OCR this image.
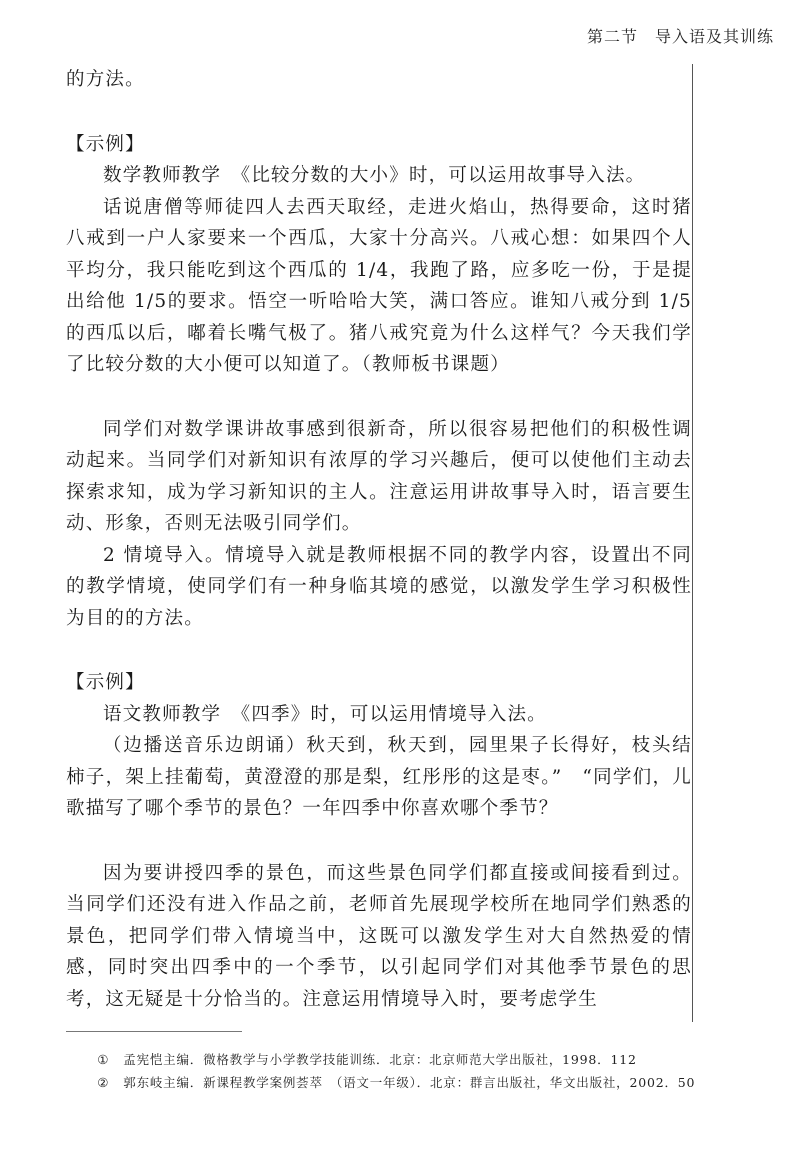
第二节　导入语及其训练

的方法。

【示例】

数学教师教学　《比较分数的大小》时，可以运用故事导入法。

话说唐僧等师徒四人去西天取经，走进火焰山，热得要命，这时猪八戒到一户人家要来一个西瓜，大家十分高兴。八戒心想：如果四个人平均分，我只能吃到这个西瓜的 1/4，我跑了路，应多吃一份，于是提出给他 1/5的要求。悟空一听哈哈大笑，满口答应。谁知八戒分到 1/5的西瓜以后，嘟着长嘴气极了。猪八戒究竟为什么这样气？今天我们学了比较分数的大小便可以知道了。（教师板书课题）

同学们对数学课讲故事感到很新奇，所以很容易把他们的积极性调动起来。当同学们对新知识有浓厚的学习兴趣后，便可以使他们主动去探索求知，成为学习新知识的主人。注意运用讲故事导入时，语言要生动、形象，否则无法吸引同学们。

2 情境导入。情境导入就是教师根据不同的教学内容，设置出不同的教学情境，使同学们有一种身临其境的感觉，以激发学生学习积极性为目的的方法。

【示例】

语文教师教学　《四季》时，可以运用情境导入法。

（边播送音乐边朗诵）秋天到，秋天到，园里果子长得好，枝头结柿子，架上挂葡萄，黄澄澄的那是梨，红彤彤的这是枣。”　“同学们，儿歌描写了哪个季节的景色？一年四季中你喜欢哪个季节？

因为要讲授四季的景色，而这些景色同学们都直接或间接看到过。当同学们还没有进入作品之前，老师首先展现学校所在地同学们熟悉的景色，把同学们带入情境当中，这既可以激发学生对大自然热爱的情感，同时突出四季中的一个季节，以引起同学们对其他季节景色的思考，这无疑是十分恰当的。注意运用情境导入时，要考虑学生

① 孟宪恺主编．微格教学与小学教学技能训练．北京：北京师范大学出版社，1998．112

② 郭东岐主编．新课程教学案例荟萃　（语文一年级）．北京：群言出版社，华文出版社，2002．50
